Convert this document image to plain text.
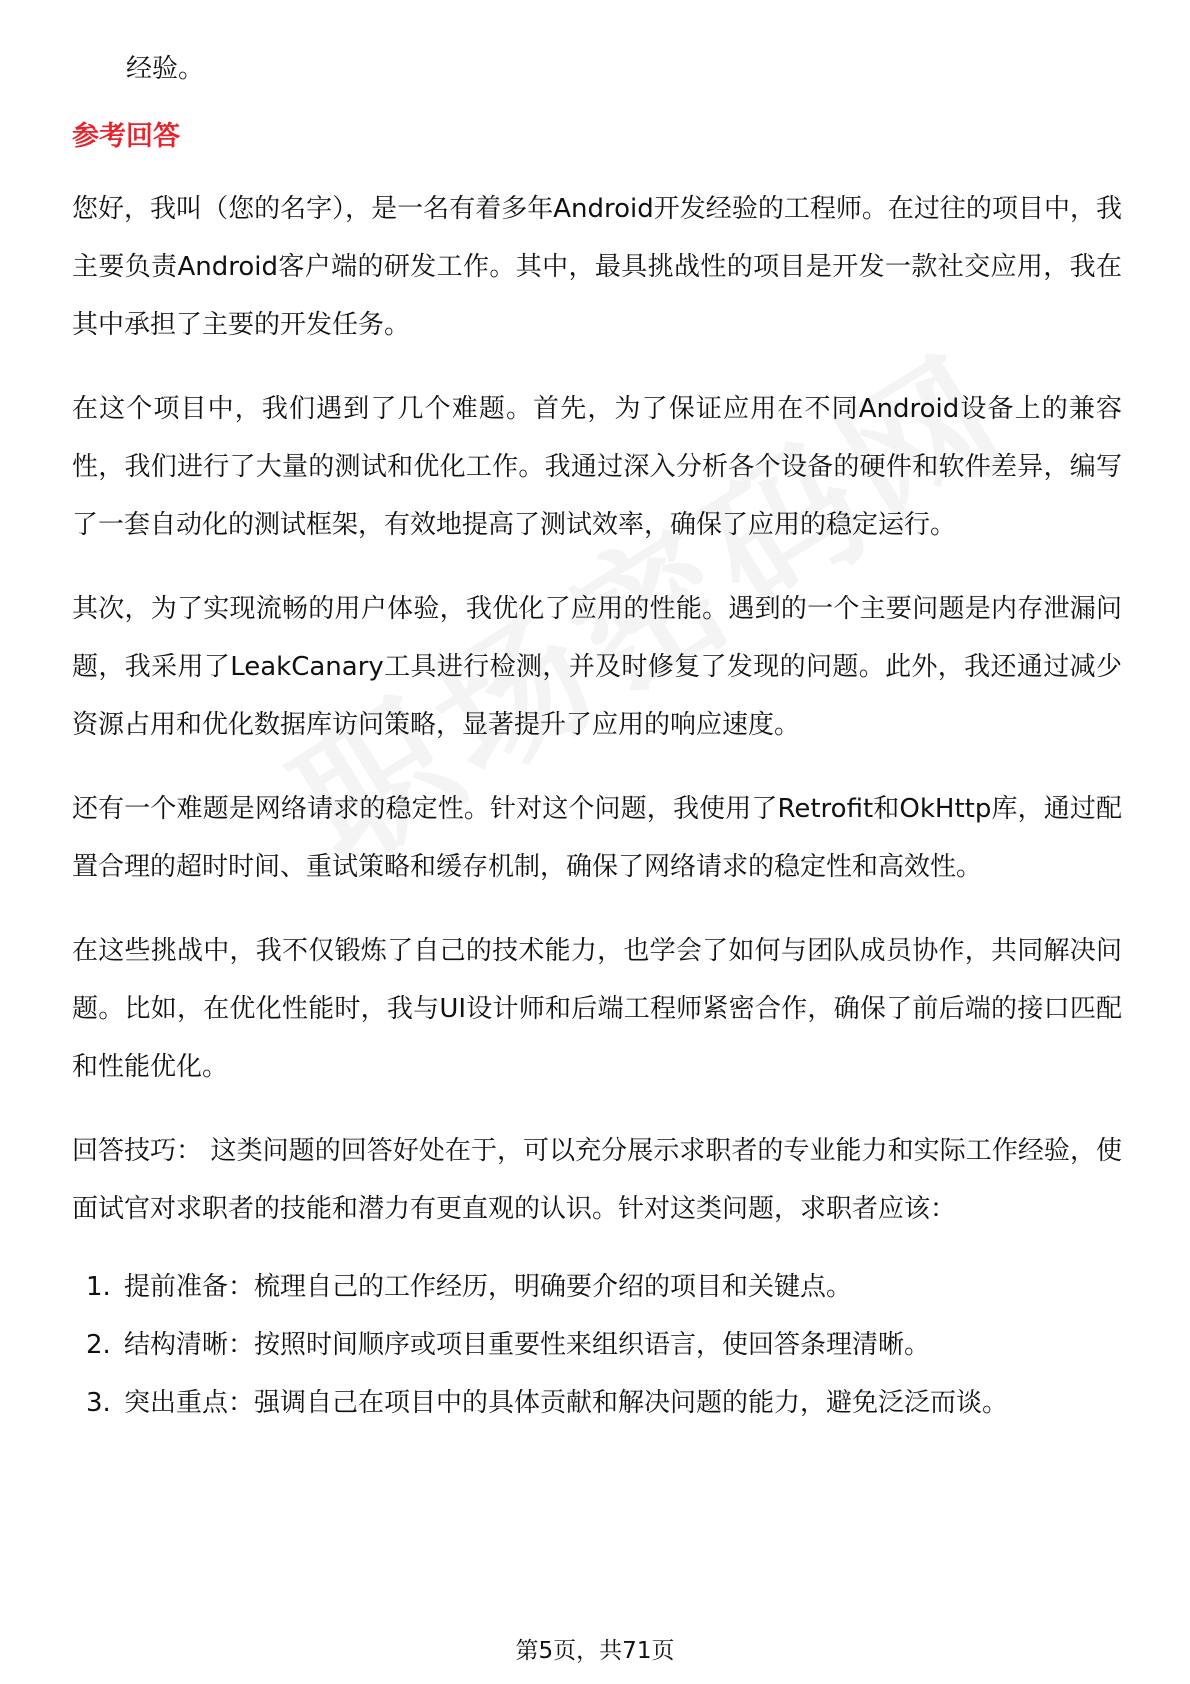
经验。

参考回答

您好，我叫（您的名字），是一名有着多年Android开发经验的工程师。在过往的项目中，我主要负责Android客户端的研发工作。其中，最具挑战性的项目是开发一款社交应用，我在其中承担了主要的开发任务。

在这个项目中，我们遇到了几个难题。首先，为了保证应用在不同Android设备上的兼容性，我们进行了大量的测试和优化工作。我通过深入分析各个设备的硬件和软件差异，编写了一套自动化的测试框架，有效地提高了测试效率，确保了应用的稳定运行。

其次，为了实现流畅的用户体验，我优化了应用的性能。遇到的一个主要问题是内存泄漏问题，我采用了LeakCanary工具进行检测，并及时修复了发现的问题。此外，我还通过减少资源占用和优化数据库访问策略，显著提升了应用的响应速度。

还有一个难题是网络请求的稳定性。针对这个问题，我使用了Retrofit和OkHttp库，通过配置合理的超时时间、重试策略和缓存机制，确保了网络请求的稳定性和高效性。

在这些挑战中，我不仅锻炼了自己的技术能力，也学会了如何与团队成员协作，共同解决问题。比如，在优化性能时，我与UI设计师和后端工程师紧密合作，确保了前后端的接口匹配和性能优化。

回答技巧： 这类问题的回答好处在于，可以充分展示求职者的专业能力和实际工作经验，使面试官对求职者的技能和潜力有更直观的认识。针对这类问题，求职者应该：

1. 提前准备：梳理自己的工作经历，明确要介绍的项目和关键点。
2. 结构清晰：按照时间顺序或项目重要性来组织语言，使回答条理清晰。
3. 突出重点：强调自己在项目中的具体贡献和解决问题的能力，避免泛泛而谈。
第5页，共71页
